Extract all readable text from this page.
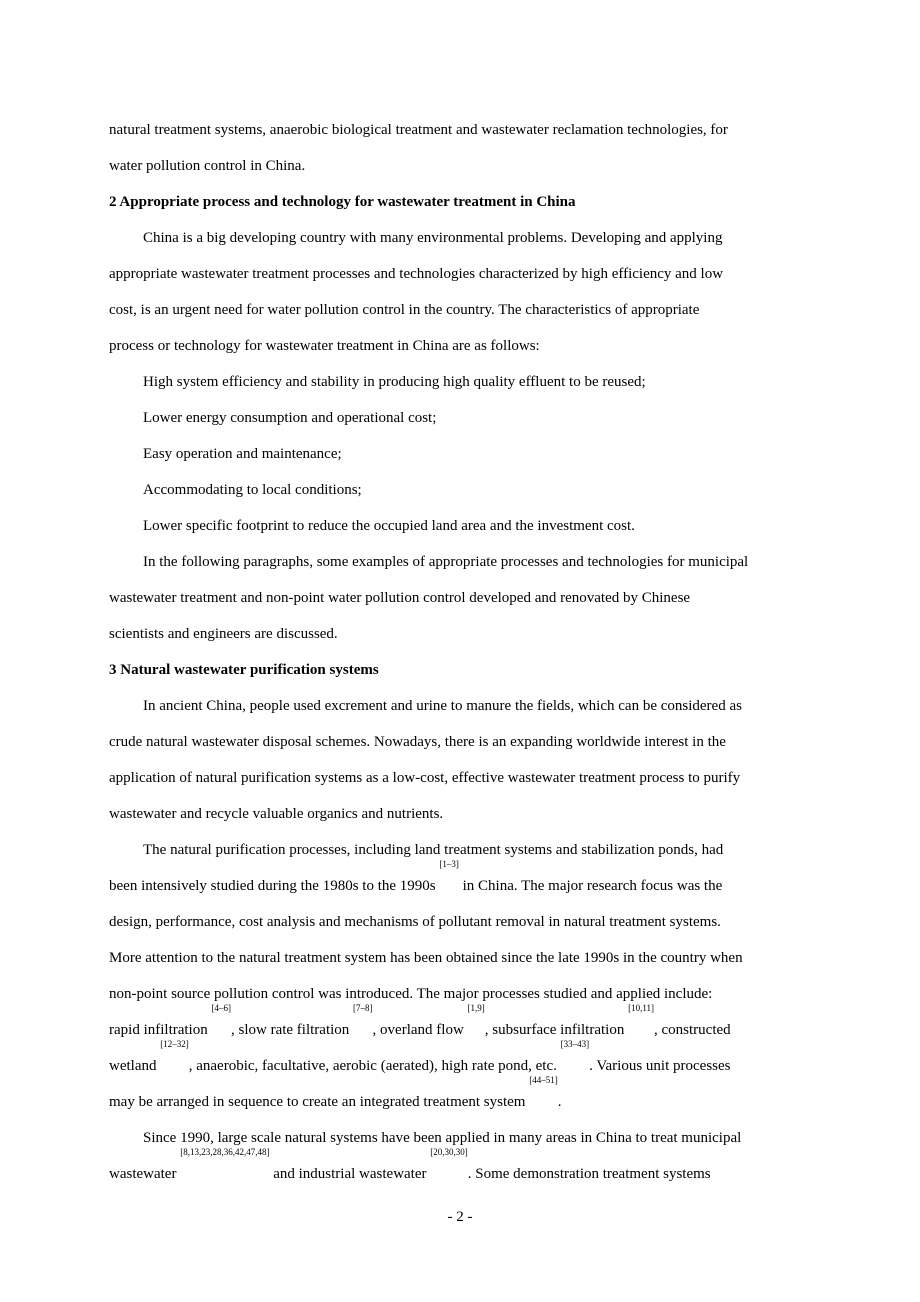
natural treatment systems, anaerobic biological treatment and wastewater reclamation technologies, for
water pollution control in China.
2 Appropriate process and technology for wastewater treatment in China
China is a big developing country with many environmental problems. Developing and applying
appropriate wastewater treatment processes and technologies characterized by high efficiency and low
cost, is an urgent need for water pollution control in the country. The characteristics of appropriate
process or technology for wastewater treatment in China are as follows:
High system efficiency and stability in producing high quality effluent to be reused;
Lower energy consumption and operational cost;
Easy operation and maintenance;
Accommodating to local conditions;
Lower specific footprint to reduce the occupied land area and the investment cost.
In the following paragraphs, some examples of appropriate processes and technologies for municipal
wastewater treatment and non-point water pollution control developed and renovated by Chinese
scientists and engineers are discussed.
3 Natural wastewater purification systems
In ancient China, people used excrement and urine to manure the fields, which can be considered as
crude natural wastewater disposal schemes. Nowadays, there is an expanding worldwide interest in the
application of natural purification systems as a low-cost, effective wastewater treatment process to purify
wastewater and recycle valuable organics and nutrients.
The natural purification processes, including land treatment systems and stabilization ponds, had
been intensively studied during the 1980s to the 1990s [1–3] in China. The major research focus was the
design, performance, cost analysis and mechanisms of pollutant removal in natural treatment systems.
More attention to the natural treatment system has been obtained since the late 1990s in the country when
non-point source pollution control was introduced. The major processes studied and applied include:
rapid infiltration [4–6], slow rate filtration [7–8], overland flow [1,9], subsurface infiltration [10,11], constructed
wetland [12–32], anaerobic, facultative, aerobic (aerated), high rate pond, etc. [33–43]. Various unit processes
may be arranged in sequence to create an integrated treatment system [44–51].
Since 1990, large scale natural systems have been applied in many areas in China to treat municipal
wastewater [8,13,23,28,36,42,47,48] and industrial wastewater [20,30,30]. Some demonstration treatment systems
- 2 -
